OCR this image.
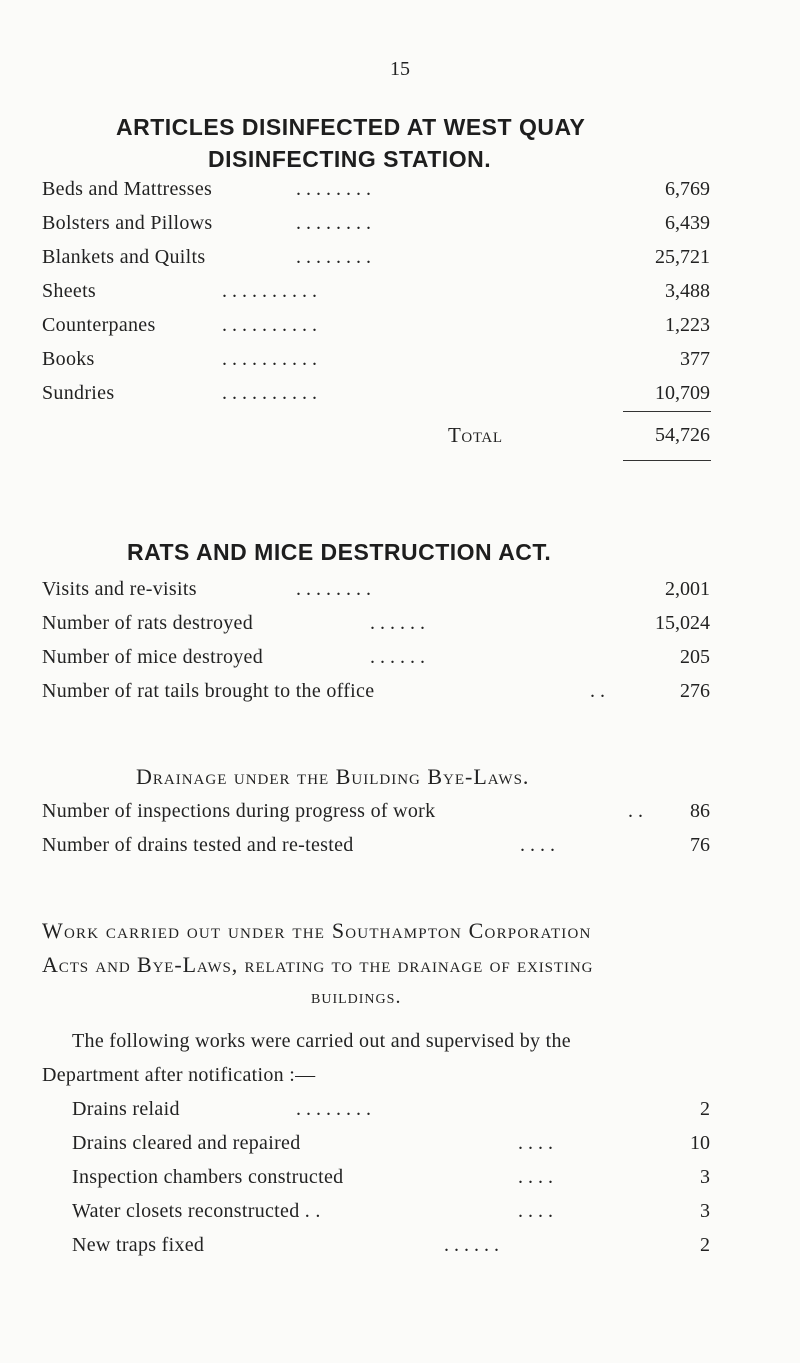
15
ARTICLES DISINFECTED AT WEST QUAY
DISINFECTING STATION.
Beds and Mattresses	. . . . . . . .	6,769
Bolsters and Pillows	. . . . . . . .	6,439
Blankets and Quilts	. . . . . . . .	25,721
Sheets	. . . . . . . . . .	3,488
Counterpanes	. . . . . . . . . .	1,223
Books	. . . . . . . . . .	377
Sundries	. . . . . . . . . .	10,709
Total	54,726
RATS AND MICE DESTRUCTION ACT.
Visits and re-visits	. . . . . . . .	2,001
Number of rats destroyed	. . . . . .	15,024
Number of mice destroyed	. . . . . .	205
Number of rat tails brought to the office	. .	276
Drainage under the Building Bye-Laws.
Number of inspections during progress of work	. . 86
Number of drains tested and re-tested	. . . .	76
Work carried out under the Southampton Corporation
Acts and Bye-Laws, relating to the drainage of existing
buildings.
The following works were carried out and supervised by the
Department after notification :—
Drains relaid	. . . . . . . .	2
Drains cleared and repaired	. . . .	10
Inspection chambers constructed	. . . .	3
Water closets reconstructed . .	. . . .	3
New traps fixed	. . . . . .	2
